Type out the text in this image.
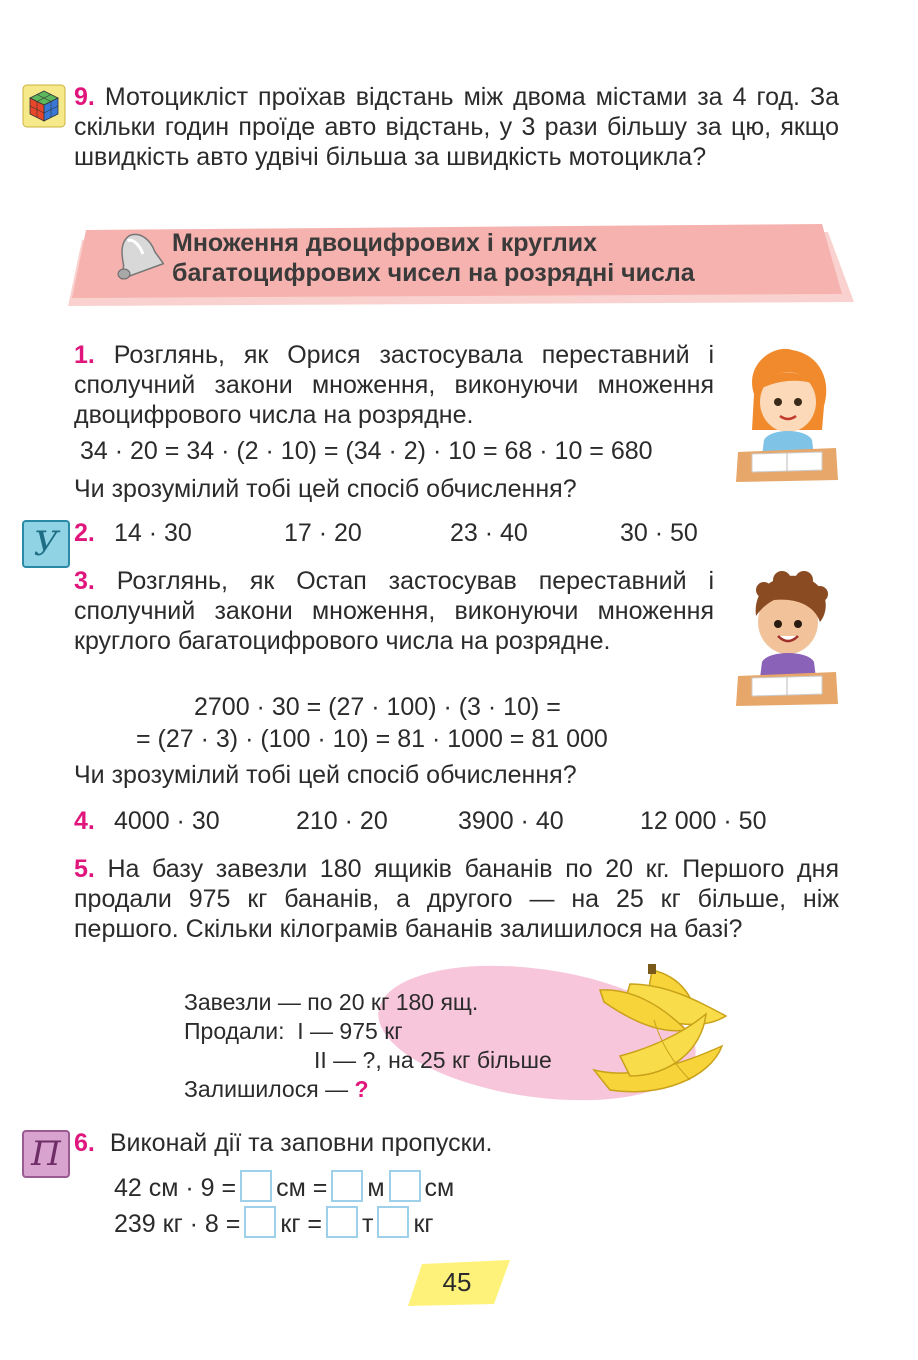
9. Мотоцикліст проїхав відстань між двома містами за 4 год. За скільки годин проїде авто відстань, у 3 рази більшу за цю, якщо швидкість авто удвічі більша за швидкість мотоцикла?
Множення двоцифрових і круглих
багатоцифрових чисел на розрядні числа
1. Розглянь, як Орися застосувала переставний і сполучний закони множення, виконуючи множення двоцифрового числа на розрядне.
34 · 20 = 34 · (2 · 10) = (34 · 2) · 10 = 68 · 10 = 680
Чи зрозумілий тобі цей спосіб обчислення?
У 2. 14 · 30	17 · 20	23 · 40	30 · 50
3. Розглянь, як Остап застосував переставний і сполучний закони множення, виконуючи множення круглого багатоцифрового числа на розрядне.
2700 · 30 = (27 · 100) · (3 · 10) =
= (27 · 3) · (100 · 10) = 81 · 1000 = 81 000
Чи зрозумілий тобі цей спосіб обчислення?
4. 4000 · 30	210 · 20	3900 · 40	12 000 · 50
5. На базу завезли 180 ящиків бананів по 20 кг. Першого дня продали 975 кг бананів, а другого — на 25 кг більше, ніж першого. Скільки кілограмів бананів залишилося на базі?
Завезли — по 20 кг 180 ящ.
Продали:  I — 975 кг
II — ?, на 25 кг більше
Залишилося — ?
П 6. Виконай дії та заповни пропуски.
42 см · 9 = см = м см
239 кг · 8 = кг = т кг
45
